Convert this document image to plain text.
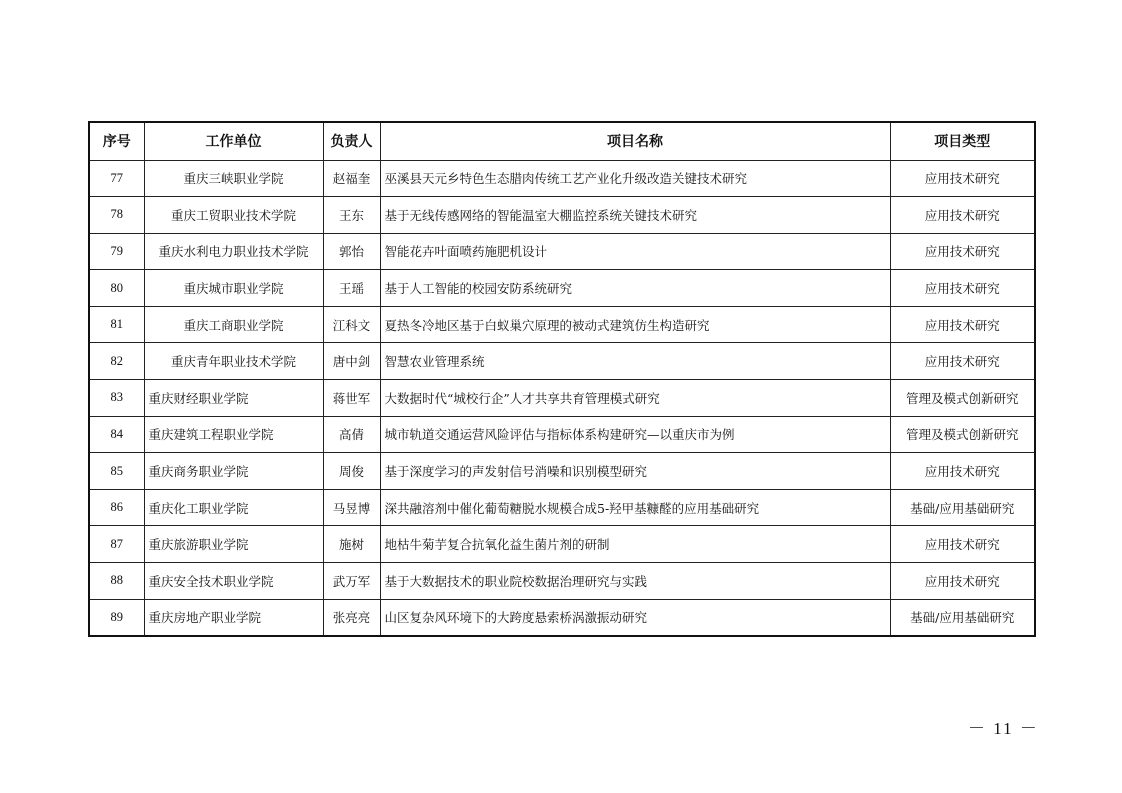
序号	工作单位	负责人	项目名称	项目类型
77	重庆三峡职业学院	赵福奎	巫溪县天元乡特色生态腊肉传统工艺产业化升级改造关键技术研究	应用技术研究
78	重庆工贸职业技术学院	王东	基于无线传感网络的智能温室大棚监控系统关键技术研究	应用技术研究
79	重庆水利电力职业技术学院	郭怡	智能花卉叶面喷药施肥机设计	应用技术研究
80	重庆城市职业学院	王瑶	基于人工智能的校园安防系统研究	应用技术研究
81	重庆工商职业学院	江科文	夏热冬冷地区基于白蚁巢穴原理的被动式建筑仿生构造研究	应用技术研究
82	重庆青年职业技术学院	唐中剑	智慧农业管理系统	应用技术研究
83	重庆财经职业学院	蒋世军	大数据时代“城校行企”人才共享共育管理模式研究	管理及模式创新研究
84	重庆建筑工程职业学院	高倩	城市轨道交通运营风险评估与指标体系构建研究—以重庆市为例	管理及模式创新研究
85	重庆商务职业学院	周俊	基于深度学习的声发射信号消噪和识别模型研究	应用技术研究
86	重庆化工职业学院	马昱博	深共融溶剂中催化葡萄糖脱水规模合成5-羟甲基糠醛的应用基础研究	基础/应用基础研究
87	重庆旅游职业学院	施树	地枯牛菊芋复合抗氧化益生菌片剂的研制	应用技术研究
88	重庆安全技术职业学院	武万军	基于大数据技术的职业院校数据治理研究与实践	应用技术研究
89	重庆房地产职业学院	张亮亮	山区复杂风环境下的大跨度悬索桥涡激振动研究	基础/应用基础研究
－ 11 －
